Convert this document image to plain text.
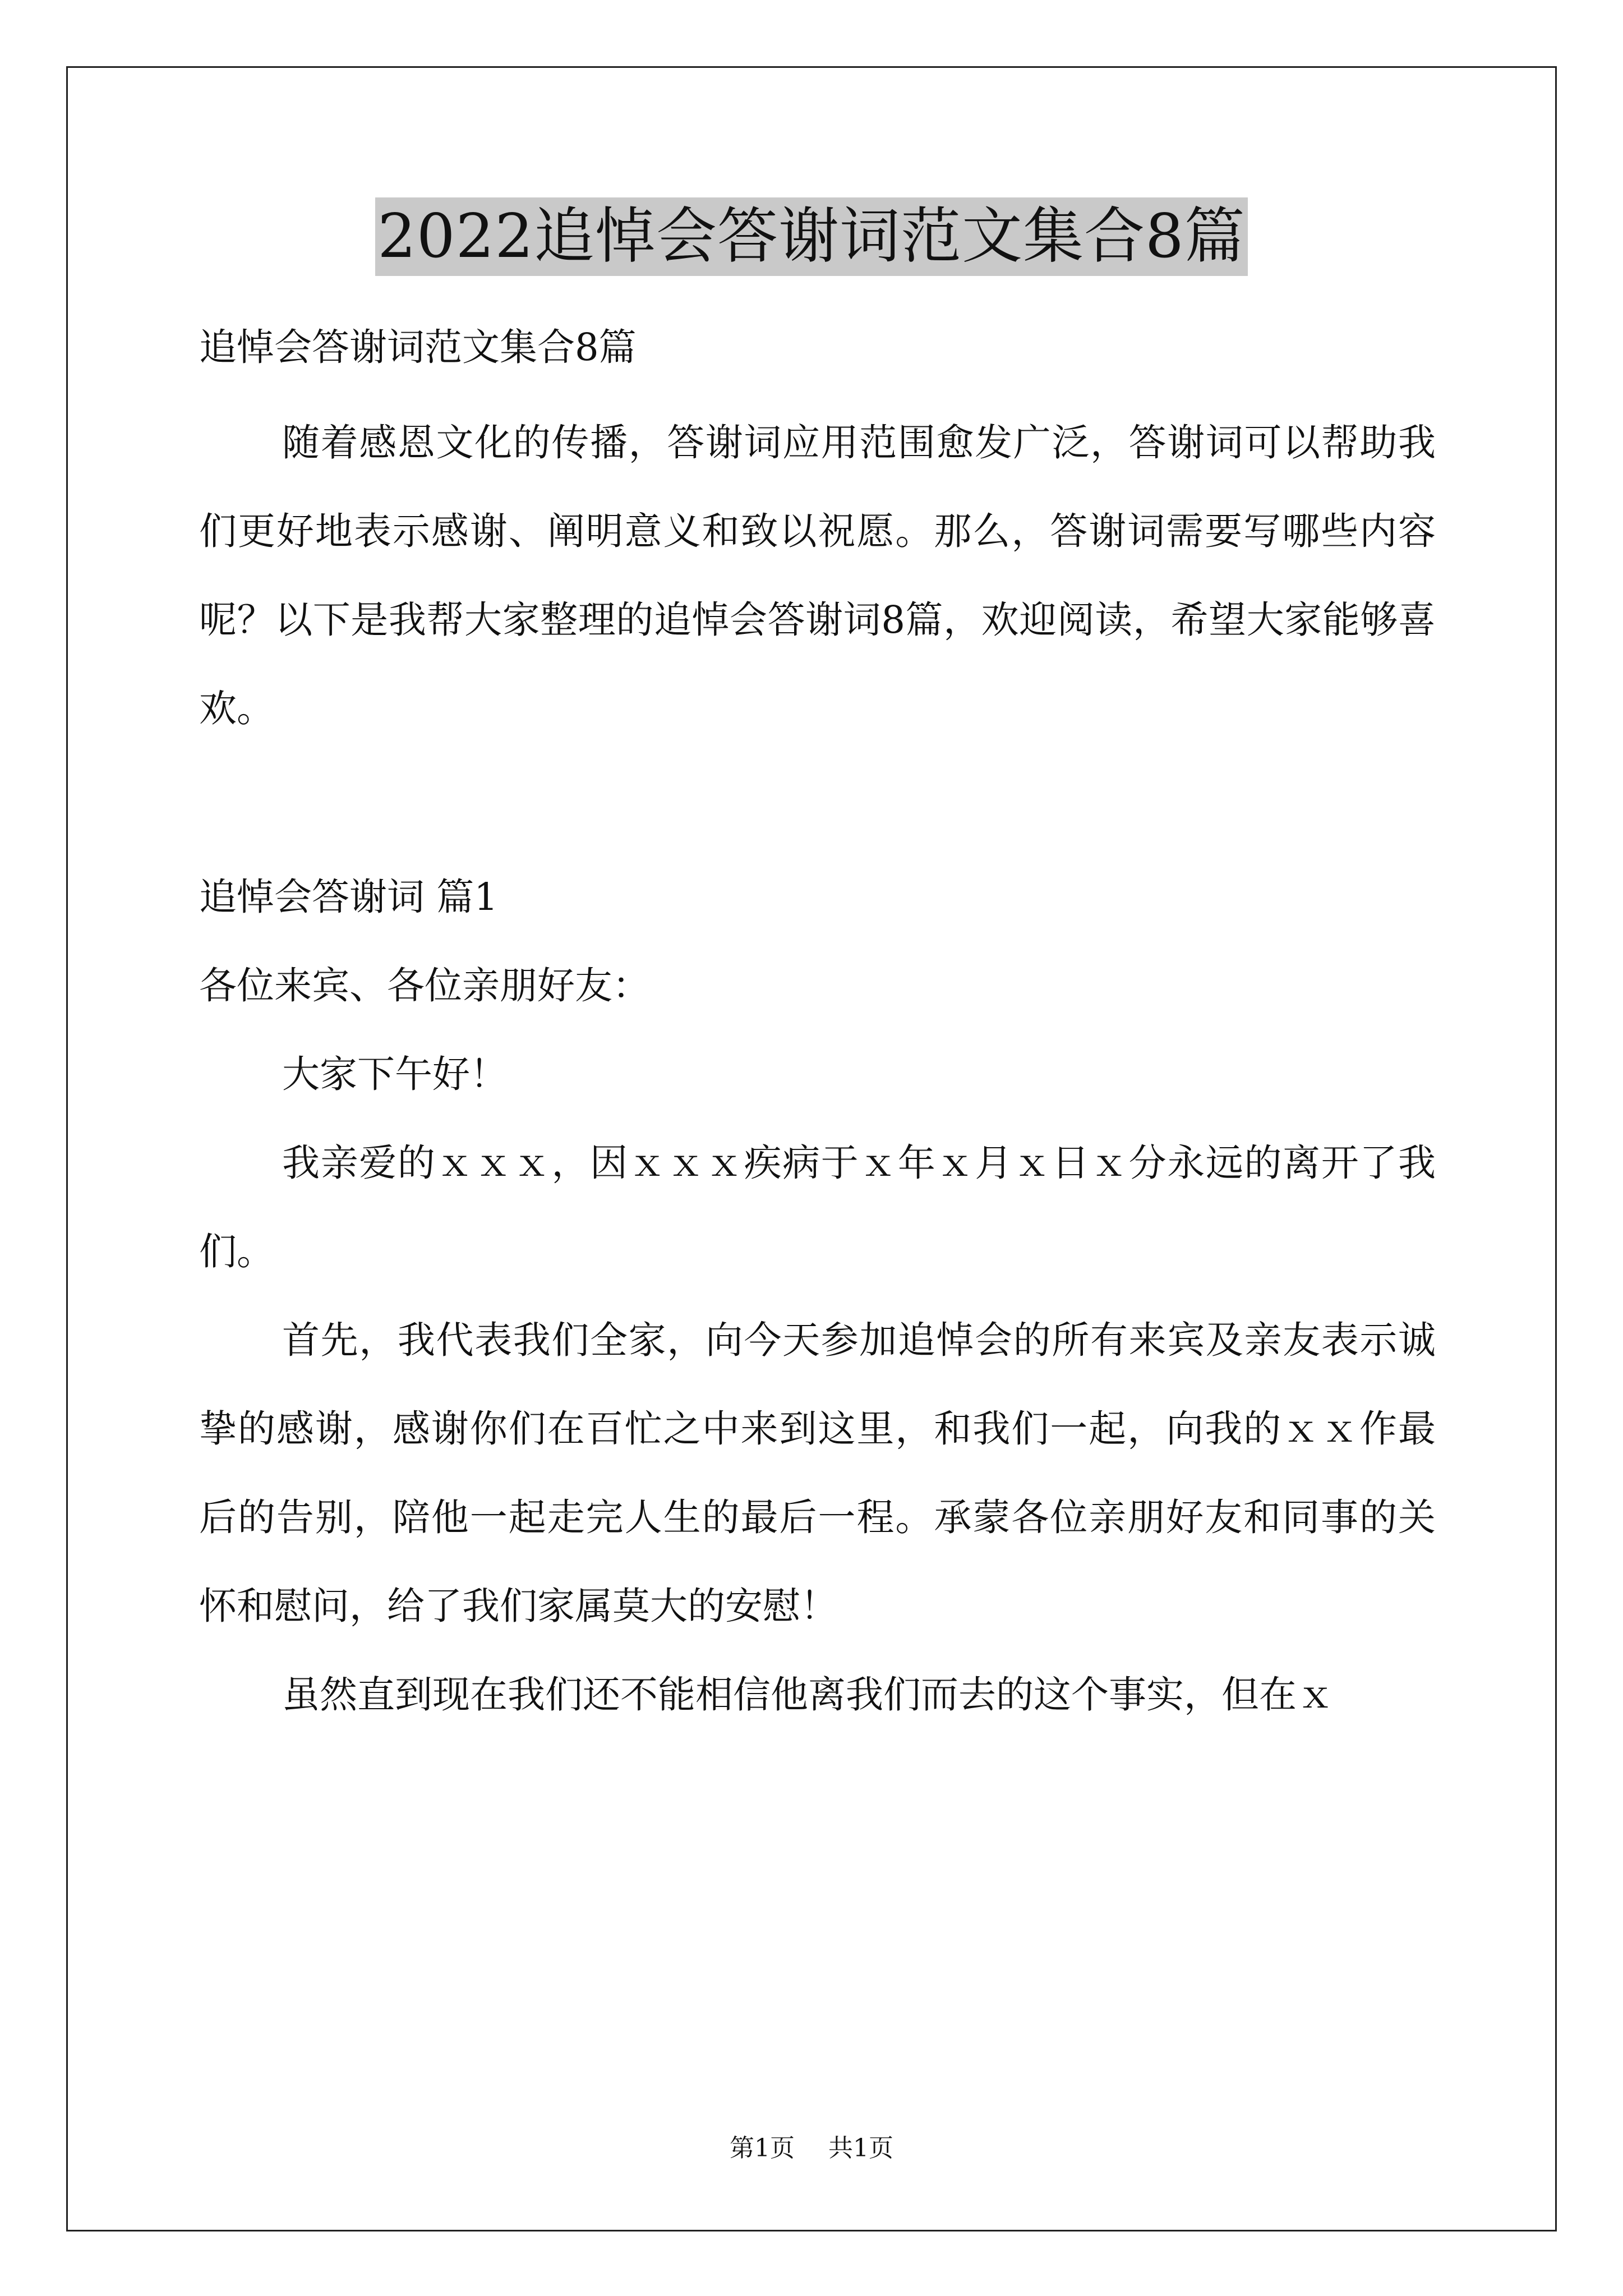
2022追悼会答谢词范文集合8篇

追悼会答谢词范文集合8篇

随着感恩文化的传播，答谢词应用范围愈发广泛，答谢词可以帮助我们更好地表示感谢、阐明意义和致以祝愿。那么，答谢词需要写哪些内容呢？以下是我帮大家整理的追悼会答谢词8篇，欢迎阅读，希望大家能够喜欢。

追悼会答谢词 篇1

各位来宾、各位亲朋好友：

大家下午好！

我亲爱的ｘｘｘ，因ｘｘｘ疾病于ｘ年ｘ月ｘ日ｘ分永远的离开了我们。

首先，我代表我们全家，向今天参加追悼会的所有来宾及亲友表示诚挚的感谢，感谢你们在百忙之中来到这里，和我们一起，向我的ｘｘ作最后的告别，陪他一起走完人生的最后一程。承蒙各位亲朋好友和同事的关怀和慰问，给了我们家属莫大的安慰！

虽然直到现在我们还不能相信他离我们而去的这个事实，但在ｘ

第1页 共1页
